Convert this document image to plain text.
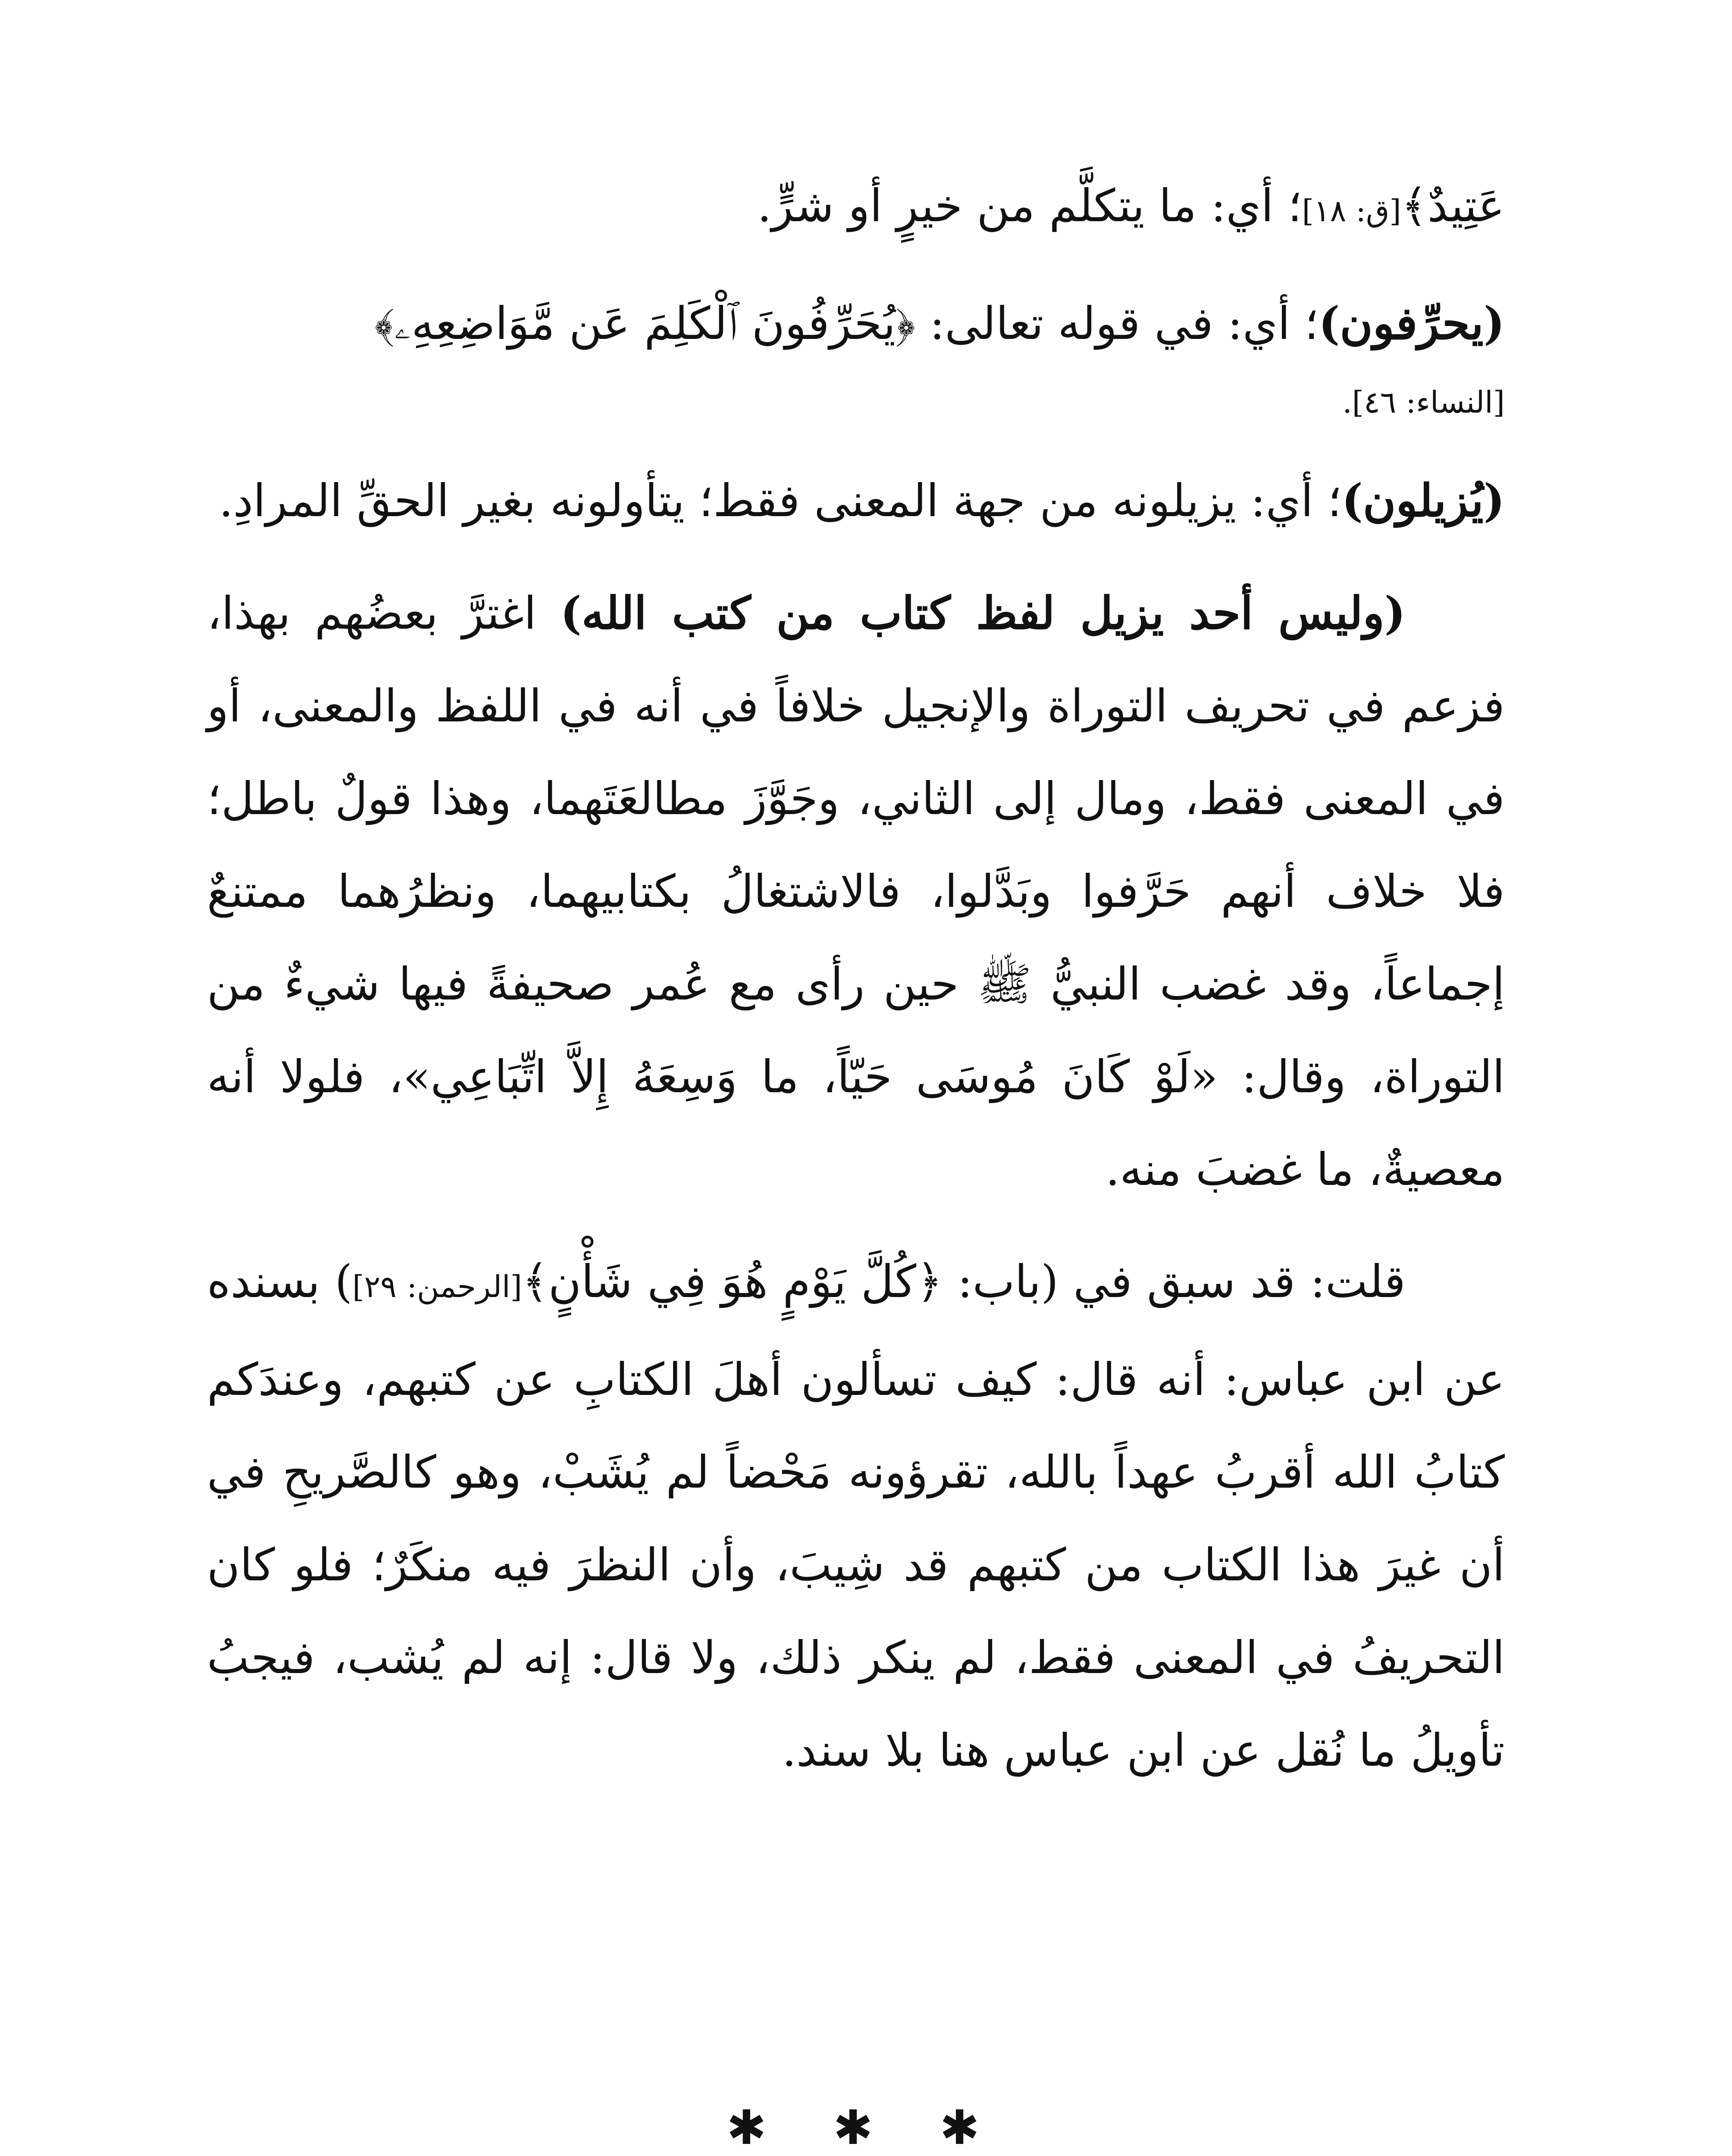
عَتِيدٌ﴾[ق: ١٨]؛ أي: ما يتكلَّم من خيرٍ أو شرٍّ.

(يحرِّفون)؛ أي: في قوله تعالى: ﴿يُحَرِّفُونَ ٱلْكَلِمَ عَن مَّوَاضِعِهِۦ﴾

[النساء: ٤٦].

(يُزيلون)؛ أي: يزيلونه من جهة المعنى فقط؛ يتأولونه بغير الحقِّ المرادِ.

(وليس أحد يزيل لفظ كتاب من كتب الله) اغترَّ بعضُهم بهذا، فزعم في تحريف التوراة والإنجيل خلافاً في أنه في اللفظ والمعنى، أو في المعنى فقط، ومال إلى الثاني، وجَوَّزَ مطالعَتَهما، وهذا قولٌ باطل؛ فلا خلاف أنهم حَرَّفوا وبَدَّلوا، فالاشتغالُ بكتابيهما، ونظرُهما ممتنعٌ إجماعاً، وقد غضب النبيُّ ﷺ حين رأى مع عُمر صحيفةً فيها شيءٌ من التوراة، وقال: «لَوْ كَانَ مُوسَى حَيّاً، ما وَسِعَهُ إِلاَّ اتِّبَاعِي»، فلولا أنه معصيةٌ، ما غضبَ منه.

قلت: قد سبق في (باب: ﴿كُلَّ يَوْمٍ هُوَ فِي شَأْنٍ﴾[الرحمن: ٢٩]) بسنده عن ابن عباس: أنه قال: كيف تسألون أهلَ الكتابِ عن كتبهم، وعندَكم كتابُ الله أقربُ عهداً بالله، تقرؤونه مَحْضاً لم يُشَبْ، وهو كالصَّريحِ في أن غيرَ هذا الكتاب من كتبهم قد شِيبَ، وأن النظرَ فيه منكَرٌ؛ فلو كان التحريفُ في المعنى فقط، لم ينكر ذلك، ولا قال: إنه لم يُشب، فيجبُ تأويلُ ما نُقل عن ابن عباس هنا بلا سند.

✱ ✱ ✱
